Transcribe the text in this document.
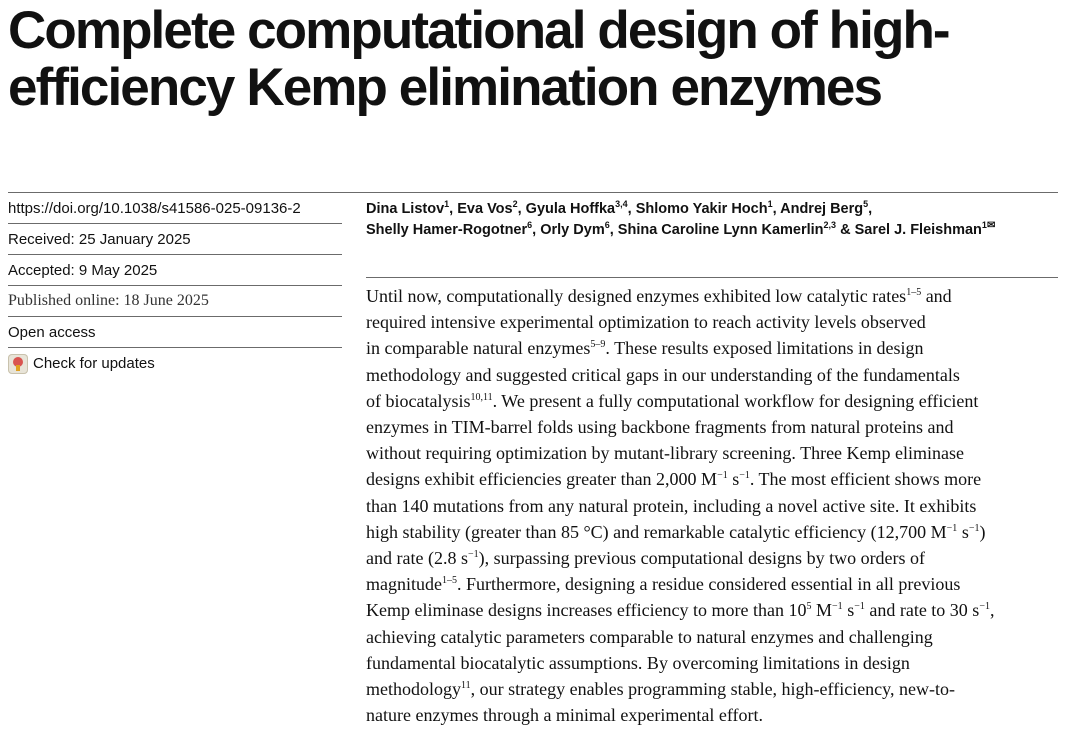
Complete computational design of high-
efficiency Kemp elimination enzymes
https://doi.org/10.1038/s41586-025-09136-2
Received: 25 January 2025
Accepted: 9 May 2025
Published online: 18 June 2025
Open access
Check for updates
Dina Listov$^1$, Eva Vos$^2$, Gyula Hoffka$^{3,4}$, Shlomo Yakir Hoch$^1$, Andrej Berg$^5$,
Shelly Hamer-Rogotner$^6$, Orly Dym$^6$, Shina Caroline Lynn Kamerlin$^{2,3}$ & Sarel J. Fleishman$^{1✉}$
Until now, computationally designed enzymes exhibited low catalytic rates$^{1-5}$ and
required intensive experimental optimization to reach activity levels observed
in comparable natural enzymes$^{5-9}$. These results exposed limitations in design
methodology and suggested critical gaps in our understanding of the fundamentals
of biocatalysis$^{10,11}$. We present a fully computational workflow for designing efficient
enzymes in TIM-barrel folds using backbone fragments from natural proteins and
without requiring optimization by mutant-library screening. Three Kemp eliminase
designs exhibit efficiencies greater than 2,000 $M^{-1}$ $s^{-1}$. The most efficient shows more
than 140 mutations from any natural protein, including a novel active site. It exhibits
high stability (greater than 85 °C) and remarkable catalytic efficiency (12,700 $M^{-1}$ $s^{-1}$)
and rate (2.8 $s^{-1}$), surpassing previous computational designs by two orders of
magnitude$^{1-5}$. Furthermore, designing a residue considered essential in all previous
Kemp eliminase designs increases efficiency to more than $10^5$ $M^{-1}$ $s^{-1}$ and rate to 30 $s^{-1}$,
achieving catalytic parameters comparable to natural enzymes and challenging
fundamental biocatalytic assumptions. By overcoming limitations in design
methodology$^{11}$, our strategy enables programming stable, high-efficiency, new-to-
nature enzymes through a minimal experimental effort.
